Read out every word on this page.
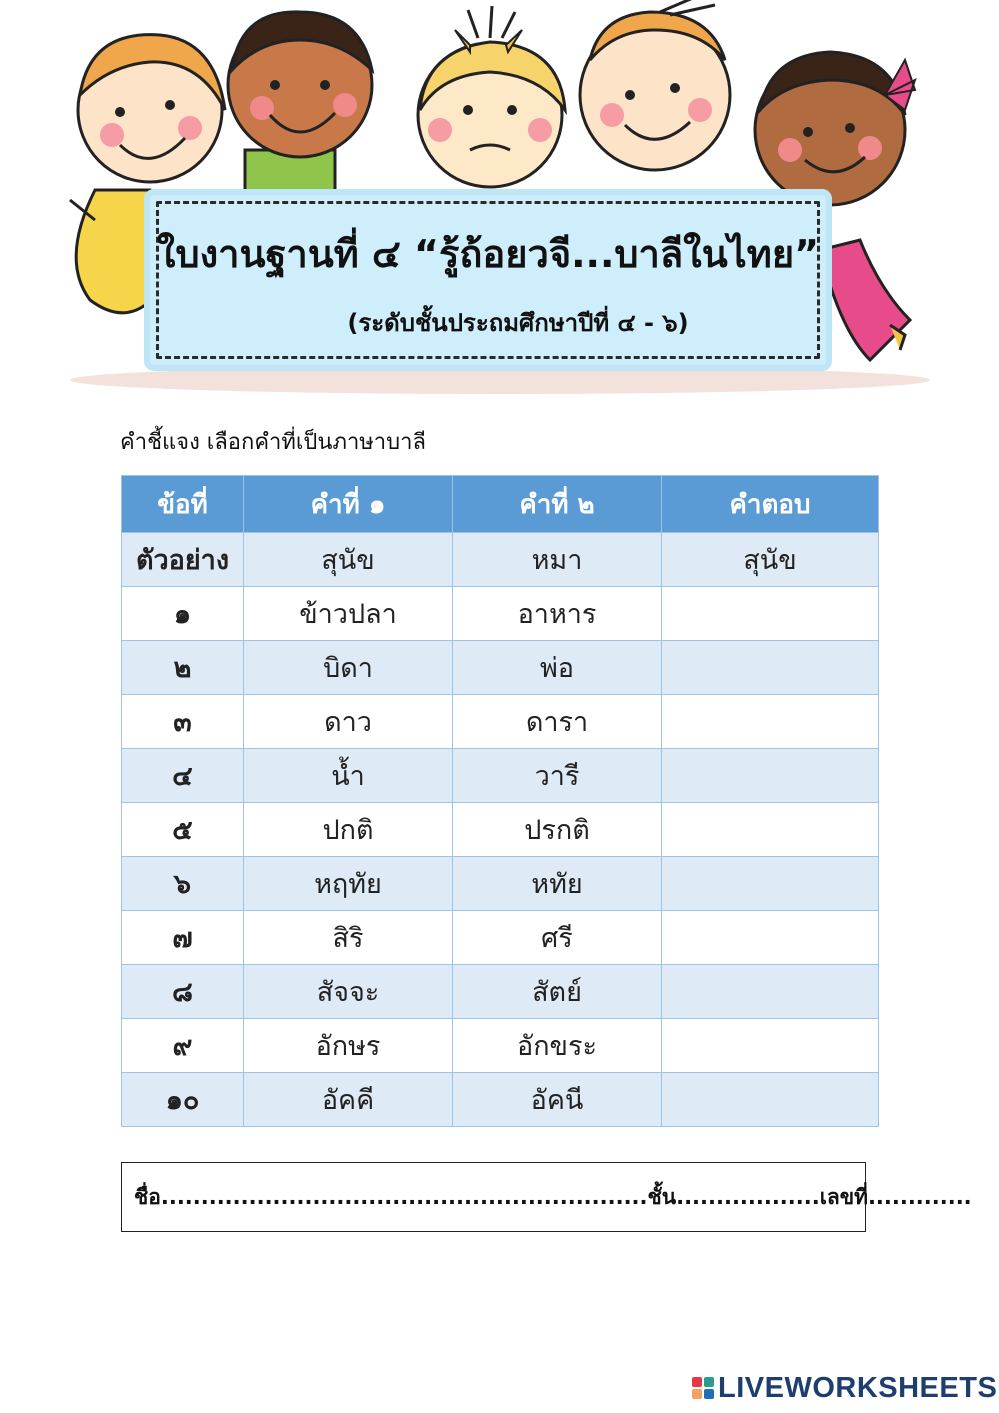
ใบงานฐานที่ ๔ “รู้ถ้อยวจี...บาลีในไทย”
(ระดับชั้นประถมศึกษาปีที่ ๔ - ๖)
คำชี้แจง เลือกคำที่เป็นภาษาบาลี
ข้อที่	คำที่ ๑	คำที่ ๒	คำตอบ
ตัวอย่าง	สุนัข	หมา	สุนัข
๑	ข้าวปลา	อาหาร	
๒	บิดา	พ่อ	
๓	ดาว	ดารา	
๔	น้ำ	วารี	
๕	ปกติ	ปรกติ	
๖	หฤทัย	หทัย	
๗	สิริ	ศรี	
๘	สัจจะ	สัตย์	
๙	อักษร	อักขระ	
๑๐	อัคคี	อัคนี	
ชื่อ.............................................................ชั้น..................เลขที่.............
LIVEWORKSHEETS
